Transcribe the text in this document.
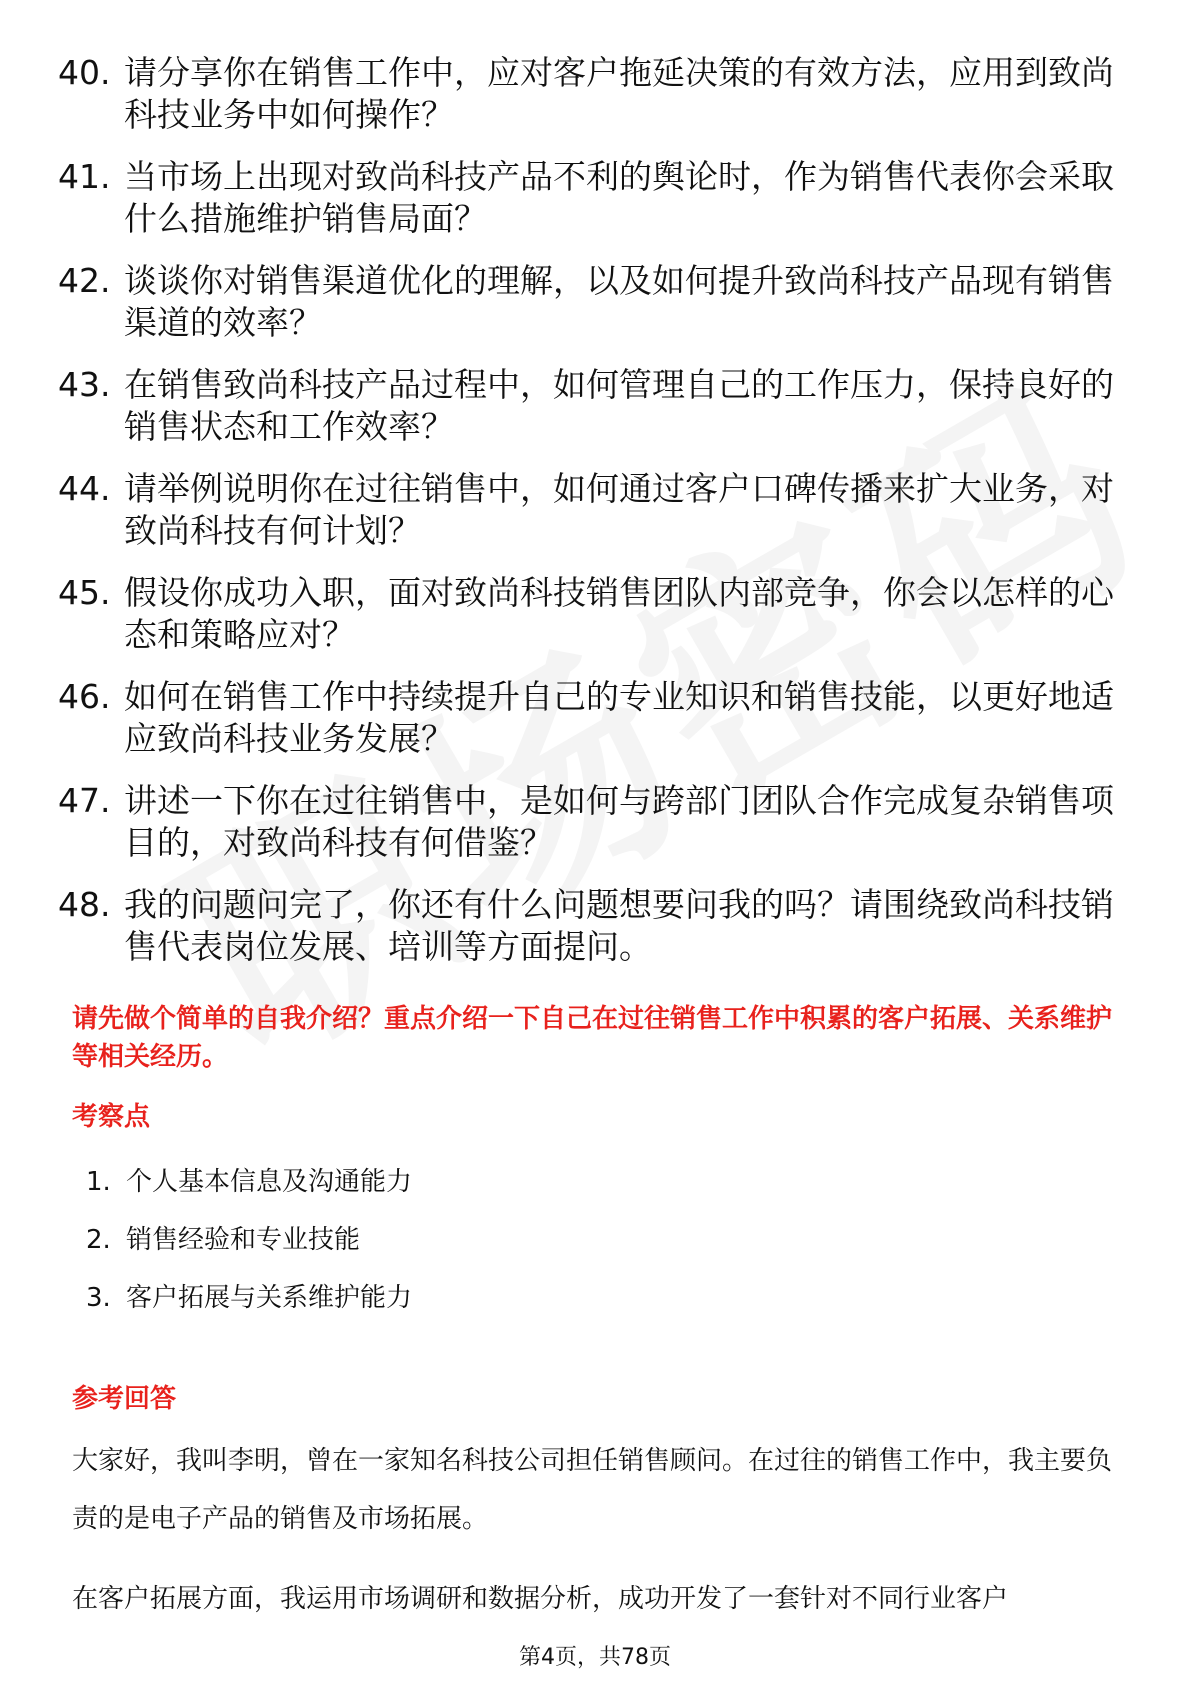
40. 请分享你在销售工作中，应对客户拖延决策的有效方法，应用到致尚科技业务中如何操作？
41. 当市场上出现对致尚科技产品不利的舆论时，作为销售代表你会采取什么措施维护销售局面？
42. 谈谈你对销售渠道优化的理解，以及如何提升致尚科技产品现有销售渠道的效率？
43. 在销售致尚科技产品过程中，如何管理自己的工作压力，保持良好的销售状态和工作效率？
44. 请举例说明你在过往销售中，如何通过客户口碑传播来扩大业务，对致尚科技有何计划？
45. 假设你成功入职，面对致尚科技销售团队内部竞争，你会以怎样的心态和策略应对？
46. 如何在销售工作中持续提升自己的专业知识和销售技能，以更好地适应致尚科技业务发展？
47. 讲述一下你在过往销售中，是如何与跨部门团队合作完成复杂销售项目的，对致尚科技有何借鉴？
48. 我的问题问完了，你还有什么问题想要问我的吗？请围绕致尚科技销售代表岗位发展、培训等方面提问。
请先做个简单的自我介绍？重点介绍一下自己在过往销售工作中积累的客户拓展、关系维护等相关经历。
考察点
1. 个人基本信息及沟通能力
2. 销售经验和专业技能
3. 客户拓展与关系维护能力
参考回答
大家好，我叫李明，曾在一家知名科技公司担任销售顾问。在过往的销售工作中，我主要负责的是电子产品的销售及市场拓展。
在客户拓展方面，我运用市场调研和数据分析，成功开发了一套针对不同行业客户
第4页，共78页
